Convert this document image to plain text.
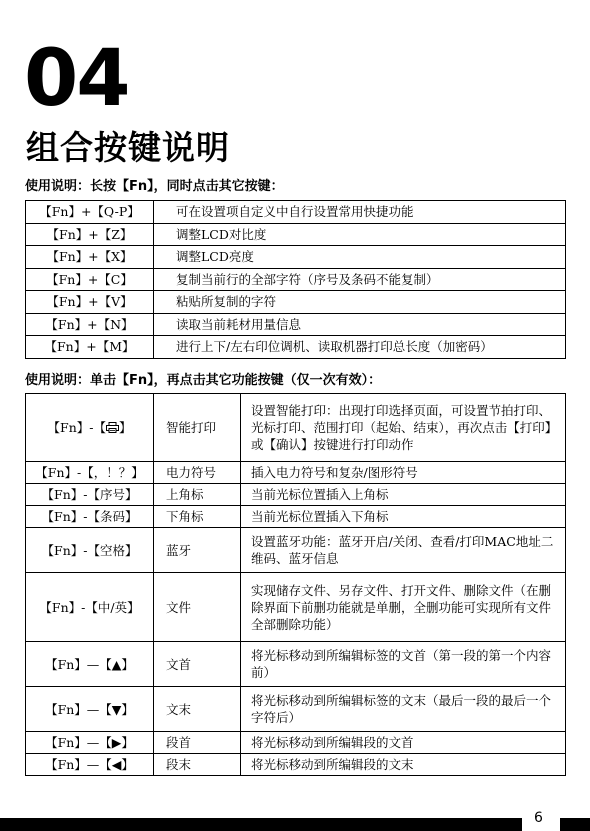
04
组合按键说明
使用说明：长按【Fn】，同时点击其它按键：
【Fn】+【Q-P】	可在设置项自定义中自行设置常用快捷功能
【Fn】+【Z】	调整LCD对比度
【Fn】+【X】	调整LCD亮度
【Fn】+【C】	复制当前行的全部字符（序号及条码不能复制）
【Fn】+【V】	粘贴所复制的字符
【Fn】+【N】	读取当前耗材用量信息
【Fn】+【M】	进行上下/左右印位调机、读取机器打印总长度（加密码）
使用说明：单击【Fn】，再点击其它功能按键（仅一次有效）：
【Fn】-【 】	智能打印	设置智能打印：出现打印选择页面，可设置节拍打印、光标打印、范围打印（起始、结束），再次点击【打印】或【确认】按键进行打印动作
【Fn】-【，！？】	电力符号	插入电力符号和复杂/图形符号
【Fn】-【序号】	上角标	当前光标位置插入上角标
【Fn】-【条码】	下角标	当前光标位置插入下角标
【Fn】-【空格】	蓝牙	设置蓝牙功能：蓝牙开启/关闭、查看/打印MAC地址二维码、蓝牙信息
【Fn】-【中/英】	文件	实现储存文件、另存文件、打开文件、删除文件（在删除界面下前删功能就是单删，全删功能可实现所有文件全部删除功能）
【Fn】—【▲】	文首	将光标移动到所编辑标签的文首（第一段的第一个内容前）
【Fn】—【▼】	文末	将光标移动到所编辑标签的文末（最后一段的最后一个字符后）
【Fn】—【▶】	段首	将光标移动到所编辑段的文首
【Fn】—【◀】	段末	将光标移动到所编辑段的文末
6
